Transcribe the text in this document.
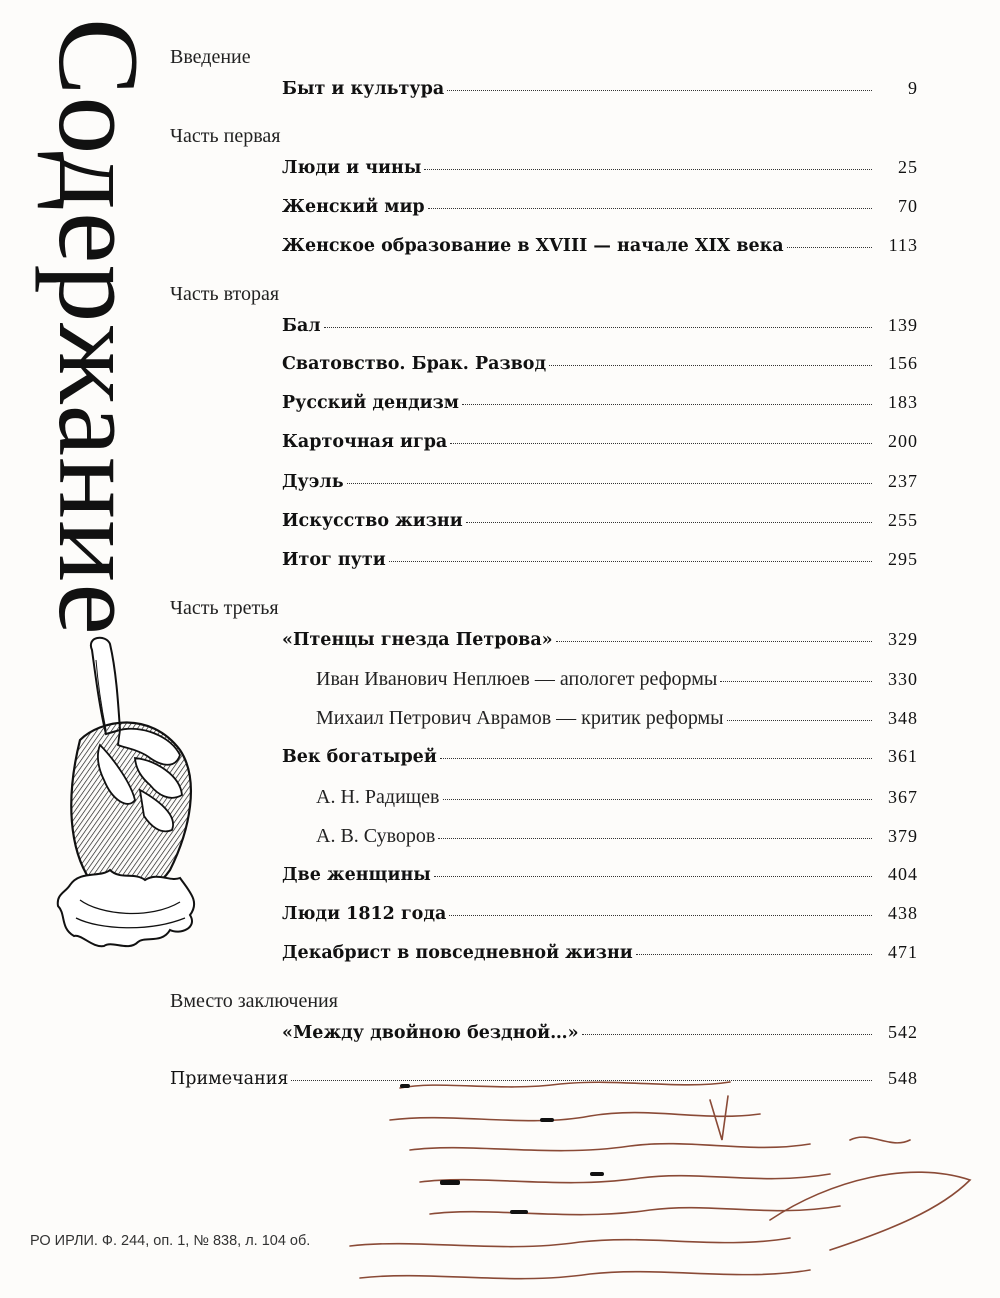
Содержание Введение
Быт и культура	9
Часть первая
Люди и чины	25
Женский мир	70
Женское образование в XVIII — начале XIX века	113
Часть вторая
Бал	139
Сватовство. Брак. Развод	156
Русский дендизм	183
Карточная игра	200
Дуэль	237
Искусство жизни	255
Итог пути	295
Часть третья
«Птенцы гнезда Петрова»	329
Иван Иванович Неплюев — апологет реформы	330
Михаил Петрович Аврамов — критик реформы	348
Век богатырей	361
А. Н. Радищев	367
А. В. Суворов	379
Две женщины	404
Люди 1812 года	438
Декабрист в повседневной жизни	471
Вместо заключения
«Между двойною бездной…»	542
Примечания	548
РО ИРЛИ. Ф. 244, оп. 1, № 838, л. 104 об.
